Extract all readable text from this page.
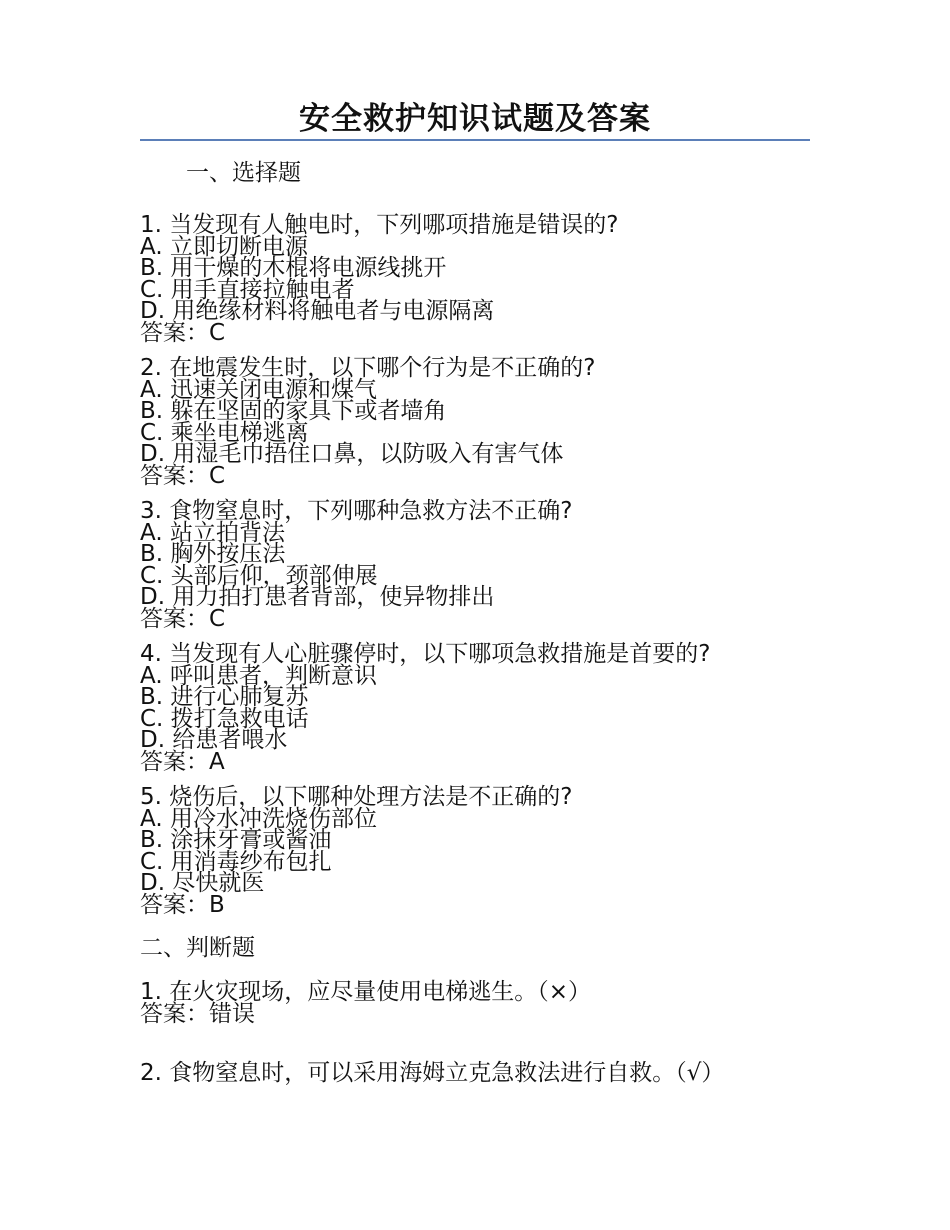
安全救护知识试题及答案
一、选择题
1. 当发现有人触电时，下列哪项措施是错误的?
A. 立即切断电源
B. 用干燥的木棍将电源线挑开
C. 用手直接拉触电者
D. 用绝缘材料将触电者与电源隔离
答案：C
2. 在地震发生时，以下哪个行为是不正确的?
A. 迅速关闭电源和煤气
B. 躲在坚固的家具下或者墙角
C. 乘坐电梯逃离
D. 用湿毛巾捂住口鼻，以防吸入有害气体
答案：C
3. 食物窒息时，下列哪种急救方法不正确?
A. 站立拍背法
B. 胸外按压法
C. 头部后仰，颈部伸展
D. 用力拍打患者背部，使异物排出
答案：C
4. 当发现有人心脏骤停时，以下哪项急救措施是首要的?
A. 呼叫患者，判断意识
B. 进行心肺复苏
C. 拨打急救电话
D. 给患者喂水
答案：A
5. 烧伤后，以下哪种处理方法是不正确的?
A. 用冷水冲洗烧伤部位
B. 涂抹牙膏或酱油
C. 用消毒纱布包扎
D. 尽快就医
答案：B
二、判断题
1. 在火灾现场，应尽量使用电梯逃生。（×）
答案：错误
2. 食物窒息时，可以采用海姆立克急救法进行自救。（√）
